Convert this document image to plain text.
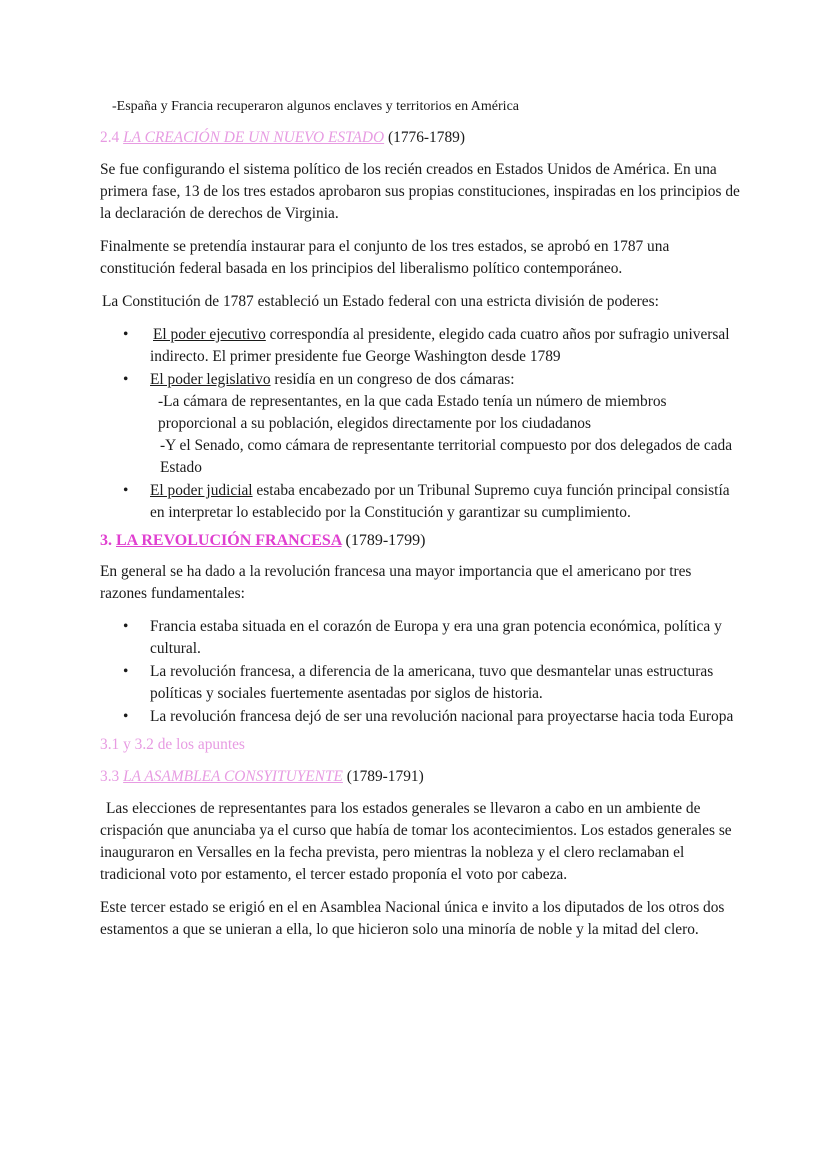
-España y Francia recuperaron algunos enclaves y territorios en América

2.4 LA CREACIÓN DE UN NUEVO ESTADO (1776-1789)

Se fue configurando el sistema político de los recién creados en Estados Unidos de América. En una primera fase, 13 de los tres estados aprobaron sus propias constituciones, inspiradas en los principios de la declaración de derechos de Virginia.

Finalmente se pretendía instaurar para el conjunto de los tres estados, se aprobó en 1787 una constitución federal basada en los principios del liberalismo político contemporáneo.

La Constitución de 1787 estableció un Estado federal con una estricta división de poderes:

• El poder ejecutivo correspondía al presidente, elegido cada cuatro años por sufragio universal indirecto. El primer presidente fue George Washington desde 1789
• El poder legislativo residía en un congreso de dos cámaras:
-La cámara de representantes, en la que cada Estado tenía un número de miembros proporcional a su población, elegidos directamente por los ciudadanos
-Y el Senado, como cámara de representante territorial compuesto por dos delegados de cada Estado
• El poder judicial estaba encabezado por un Tribunal Supremo cuya función principal consistía en interpretar lo establecido por la Constitución y garantizar su cumplimiento.

3. LA REVOLUCIÓN FRANCESA (1789-1799)

En general se ha dado a la revolución francesa una mayor importancia que el americano por tres razones fundamentales:

• Francia estaba situada en el corazón de Europa y era una gran potencia económica, política y cultural.
• La revolución francesa, a diferencia de la americana, tuvo que desmantelar unas estructuras políticas y sociales fuertemente asentadas por siglos de historia.
• La revolución francesa dejó de ser una revolución nacional para proyectarse hacia toda Europa

3.1 y 3.2 de los apuntes

3.3 LA ASAMBLEA CONSYITUYENTE (1789-1791)

Las elecciones de representantes para los estados generales se llevaron a cabo en un ambiente de crispación que anunciaba ya el curso que había de tomar los acontecimientos. Los estados generales se inauguraron en Versalles en la fecha prevista, pero mientras la nobleza y el clero reclamaban el tradicional voto por estamento, el tercer estado proponía el voto por cabeza.

Este tercer estado se erigió en el en Asamblea Nacional única e invito a los diputados de los otros dos estamentos a que se unieran a ella, lo que hicieron solo una minoría de noble y la mitad del clero.
